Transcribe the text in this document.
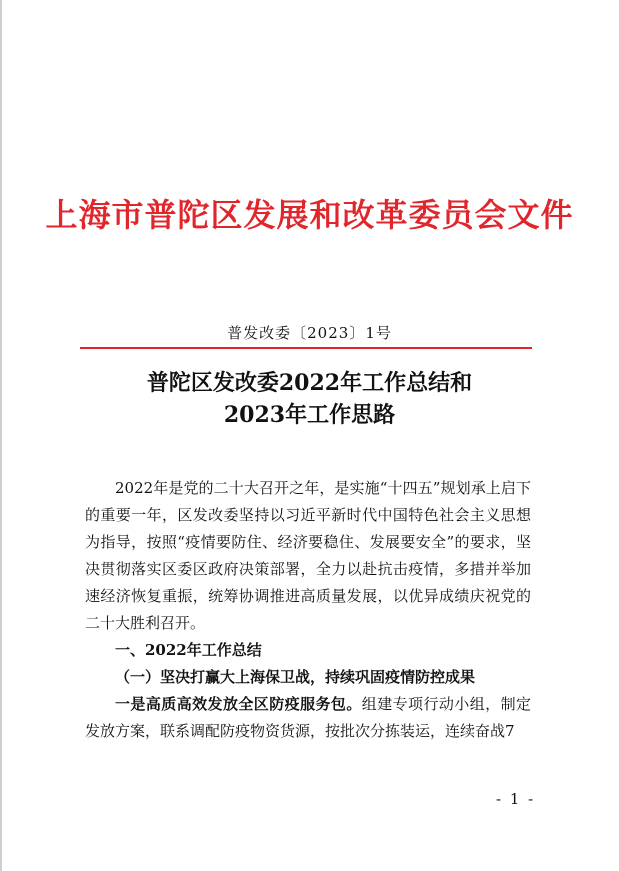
上海市普陀区发展和改革委员会文件
普发改委〔2023〕1号
普陀区发改委2022年工作总结和
2023年工作思路

2022年是党的二十大召开之年，是实施“十四五”规划承上启下的重要一年，区发改委坚持以习近平新时代中国特色社会主义思想为指导，按照“疫情要防住、经济要稳住、发展要安全”的要求，坚决贯彻落实区委区政府决策部署，全力以赴抗击疫情，多措并举加速经济恢复重振，统筹协调推进高质量发展，以优异成绩庆祝党的二十大胜利召开。

一、2022年工作总结

（一）坚决打赢大上海保卫战，持续巩固疫情防控成果

一是高质高效发放全区防疫服务包。组建专项行动小组，制定发放方案，联系调配防疫物资货源，按批次分拣装运，连续奋战7

- 1 -
